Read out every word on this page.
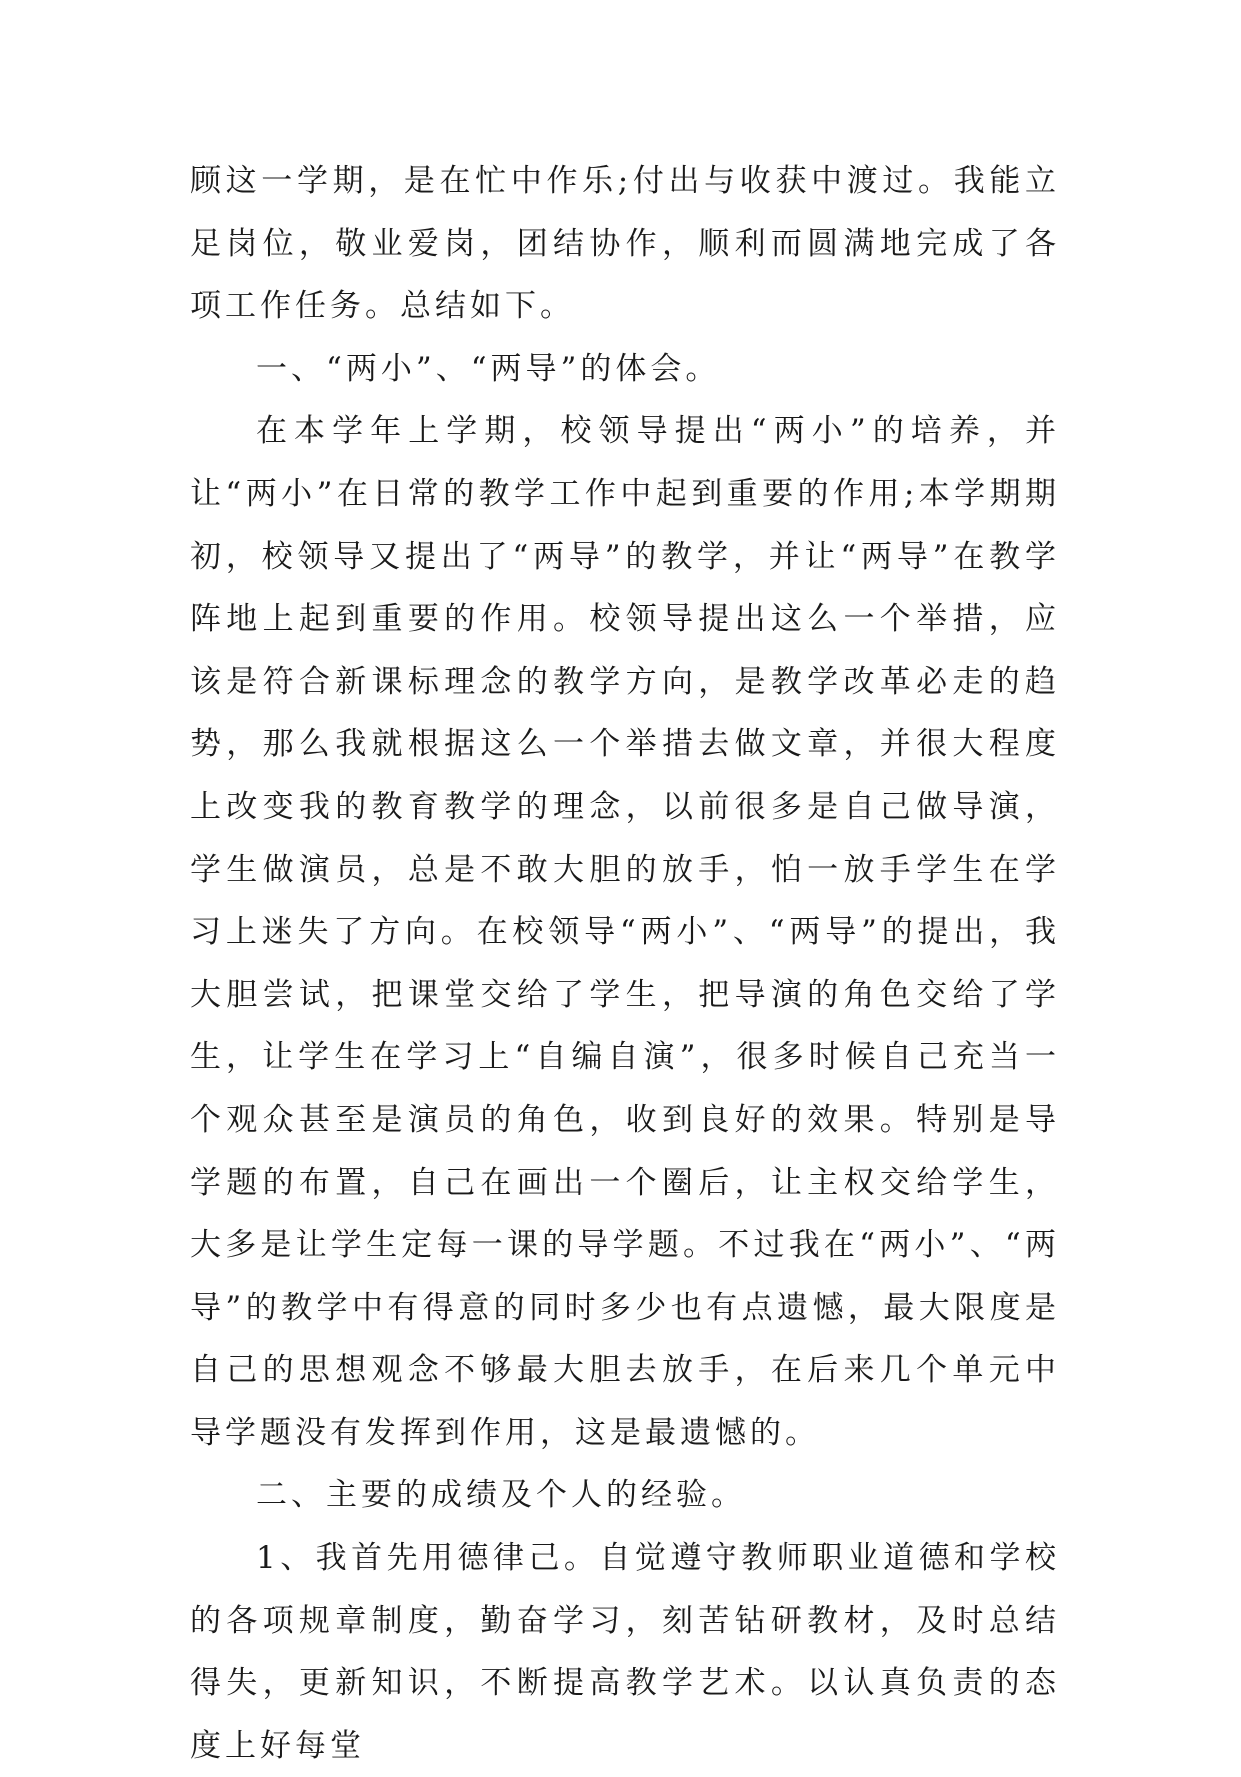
顾这一学期，是在忙中作乐;付出与收获中渡过。我能立足岗位，敬业爱岗，团结协作，顺利而圆满地完成了各项工作任务。总结如下。

一、“两小”、“两导”的体会。

在本学年上学期，校领导提出“两小”的培养，并让“两小”在日常的教学工作中起到重要的作用;本学期期初，校领导又提出了“两导”的教学，并让“两导”在教学阵地上起到重要的作用。校领导提出这么一个举措，应该是符合新课标理念的教学方向，是教学改革必走的趋势，那么我就根据这么一个举措去做文章，并很大程度上改变我的教育教学的理念，以前很多是自己做导演，学生做演员，总是不敢大胆的放手，怕一放手学生在学习上迷失了方向。在校领导“两小”、“两导”的提出，我大胆尝试，把课堂交给了学生，把导演的角色交给了学生，让学生在学习上“自编自演”，很多时候自己充当一个观众甚至是演员的角色，收到良好的效果。特别是导学题的布置，自己在画出一个圈后，让主权交给学生，大多是让学生定每一课的导学题。不过我在“两小”、“两导”的教学中有得意的同时多少也有点遗憾，最大限度是自己的思想观念不够最大胆去放手，在后来几个单元中导学题没有发挥到作用，这是最遗憾的。

二、主要的成绩及个人的经验。

1、我首先用德律己。自觉遵守教师职业道德和学校的各项规章制度，勤奋学习，刻苦钻研教材，及时总结得失，更新知识，不断提高教学艺术。以认真负责的态度上好每堂
